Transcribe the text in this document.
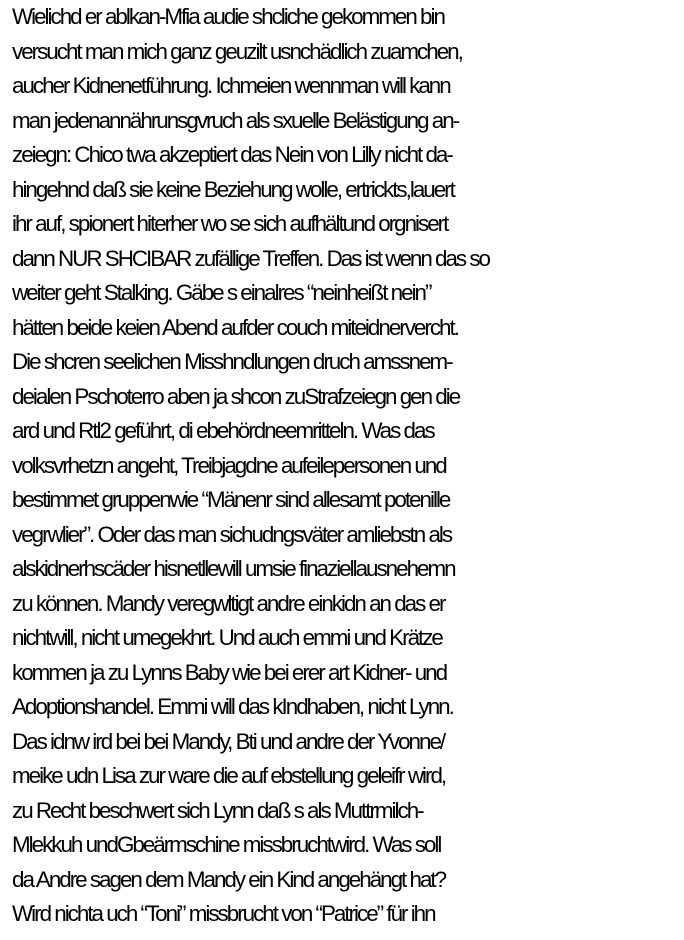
Wielichd er ablkan-Mfia audie shcliche gekommen bin
versucht man mich ganz geuzilt usnchädlich zuamchen,
aucher Kidnenetführung. Ichmeien wennman will kann
man jedenannährunsgvruch als sxuelle Belästigung an-
zeiegn: Chico twa akzeptiert das Nein von Lilly nicht da-
hingehnd daß sie keine Beziehung wolle, ertrickts,lauert
ihr auf, spionert hiterher wo se sich aufhältund orgnisert
dann NUR SHCIBAR zufällige Treffen. Das ist wenn das so
weiter geht Stalking. Gäbe s einalres “neinheißt nein”
hätten beide keien Abend aufder couch miteidnervercht.
Die shcren seelichen Misshndlungen druch amssnem-
deialen Pschoterro aben ja shcon zuStrafzeiegn gen die
ard und Rtl2 geführt, di ebehördneemritteln. Was das
volksvrhetzn angeht, Treibjagdne aufeilepersonen und
bestimmet gruppenwie “Mänenr sind allesamt potenille
vegrwlier”. Oder das man sichudngsväter amliebstn als
alskidnerhscäder hisnetllewill umsie finaziellausnehemn
zu können. Mandy veregwltigt andre einkidn an das er
nichtwill, nicht umegekhrt. Und auch emmi und Krätze
kommen ja zu Lynns Baby wie bei erer art Kidner- und
Adoptionshandel. Emmi will das kIndhaben, nicht Lynn.
Das idnw ird bei bei Mandy, Bti und andre der Yvonne/
meike udn Lisa zur ware die auf ebstellung geleifr wird,
zu Recht beschwert sich Lynn daß s als Muttrmilch-
Mlekkuh undGbeärmschine missbruchtwird. Was soll
da Andre sagen dem Mandy ein Kind angehängt hat?
Wird nichta uch “Toni” missbrucht von “Patrice” für ihn
